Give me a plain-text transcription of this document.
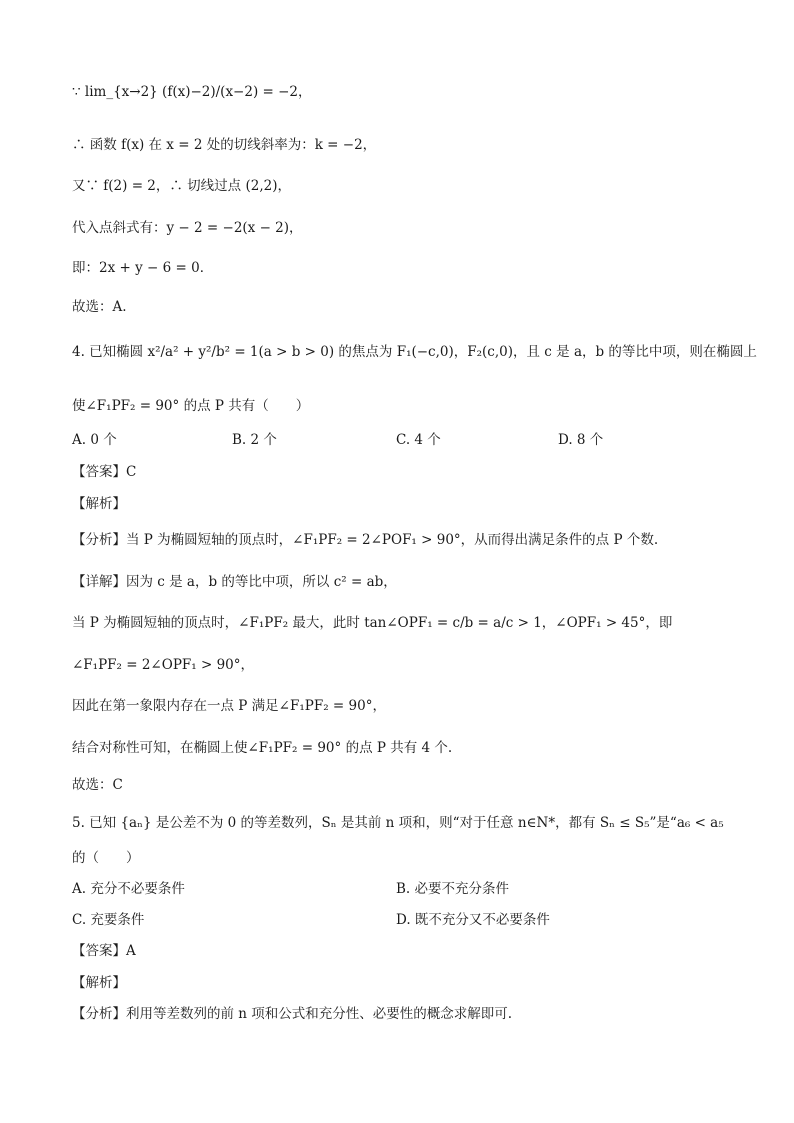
∵ lim_{x→2} (f(x)−2)/(x−2) = −2，
∴ 函数 f(x) 在 x = 2 处的切线斜率为：k = −2，
又∵ f(2) = 2，∴ 切线过点 (2,2)，
代入点斜式有：y − 2 = −2(x − 2)，
即：2x + y − 6 = 0．
故选：A.
4. 已知椭圆 x²/a² + y²/b² = 1(a > b > 0) 的焦点为 F₁(−c,0)，F₂(c,0)，且 c 是 a，b 的等比中项，则在椭圆上
使∠F₁PF₂ = 90° 的点 P 共有（　　）
A. 0 个	B. 2 个	C. 4 个	D. 8 个
【答案】C
【解析】
【分析】当 P 为椭圆短轴的顶点时，∠F₁PF₂ = 2∠POF₁ > 90°，从而得出满足条件的点 P 个数.
【详解】因为 c 是 a，b 的等比中项，所以 c² = ab，
当 P 为椭圆短轴的顶点时，∠F₁PF₂ 最大，此时 tan∠OPF₁ = c/b = a/c > 1，∠OPF₁ > 45°，即
∠F₁PF₂ = 2∠OPF₁ > 90°，
因此在第一象限内存在一点 P 满足∠F₁PF₂ = 90°，
结合对称性可知，在椭圆上使∠F₁PF₂ = 90° 的点 P 共有 4 个.
故选：C
5. 已知 {aₙ} 是公差不为 0 的等差数列，Sₙ 是其前 n 项和，则“对于任意 n∈N*，都有 Sₙ ≤ S₅”是“a₆ < a₅
的（　　）
A. 充分不必要条件	B. 必要不充分条件
C. 充要条件	D. 既不充分又不必要条件
【答案】A
【解析】
【分析】利用等差数列的前 n 项和公式和充分性、必要性的概念求解即可.
